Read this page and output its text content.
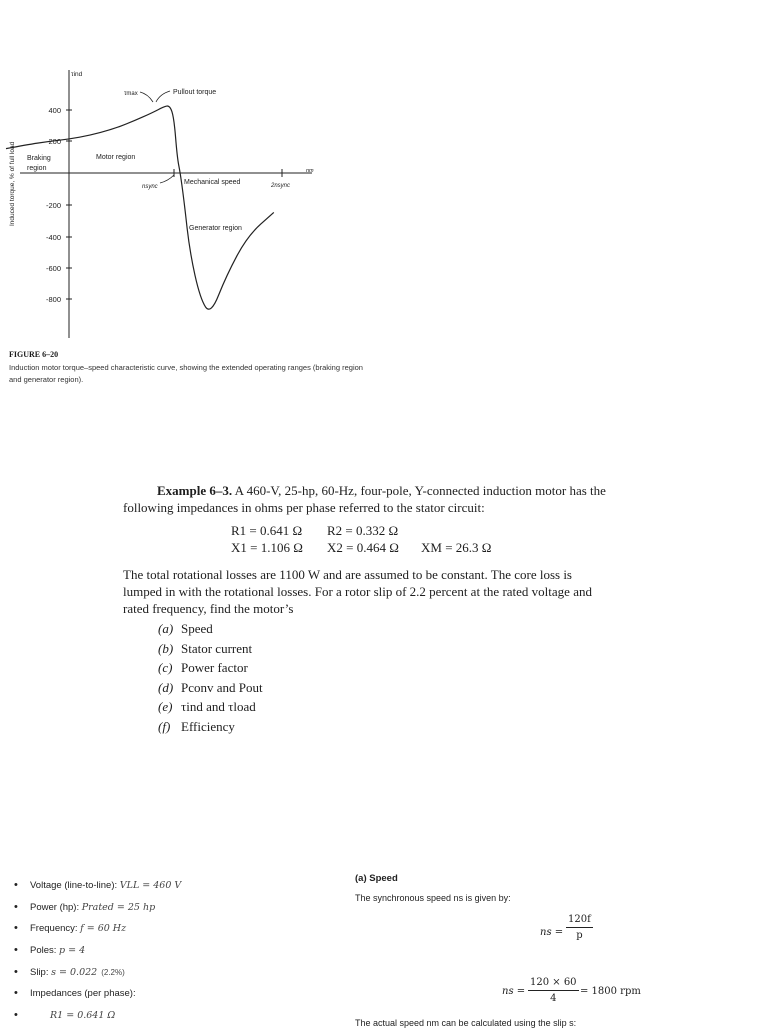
400
200
-200
-400
-600
-800
τind
Induced torque, % of full load
τmax	Pullout torque
Braking
region
Motor region
nsync
Mechanical speed	2nsync
nm
Generator region
FIGURE 6–20
Induction motor torque–speed characteristic curve, showing the extended operating ranges (braking region and generator region).
Example 6–3. A 460-V, 25-hp, 60-Hz, four-pole, Y-connected induction motor has the following impedances in ohms per phase referred to the stator circuit:
R1 = 0.641 Ω R2 = 0.332 Ω
X1 = 1.106 Ω X2 = 0.464 Ω XM = 26.3 Ω
The total rotational losses are 1100 W and are assumed to be constant. The core loss is lumped in with the rotational losses. For a rotor slip of 2.2 percent at the rated voltage and rated frequency, find the motor’s
(a) Speed
(b) Stator current
(c) Power factor
(d) Pconv and Pout
(e) τind and τload
(f) Efficiency
• Voltage (line-to-line): VLL = 460 V
• Power (hp): Prated = 25 hp
• Frequency: f = 60 Hz
• Poles: p = 4
• Slip: s = 0.022 (2.2%)
• Impedances (per phase):
• R1 = 0.641 Ω
(a) Speed
The synchronous speed ns is given by:
ns = $\frac{120f}{p}$
ns = $\frac{120 \times 60}{4} = 1800$ rpm
The actual speed nm can be calculated using the slip s:
